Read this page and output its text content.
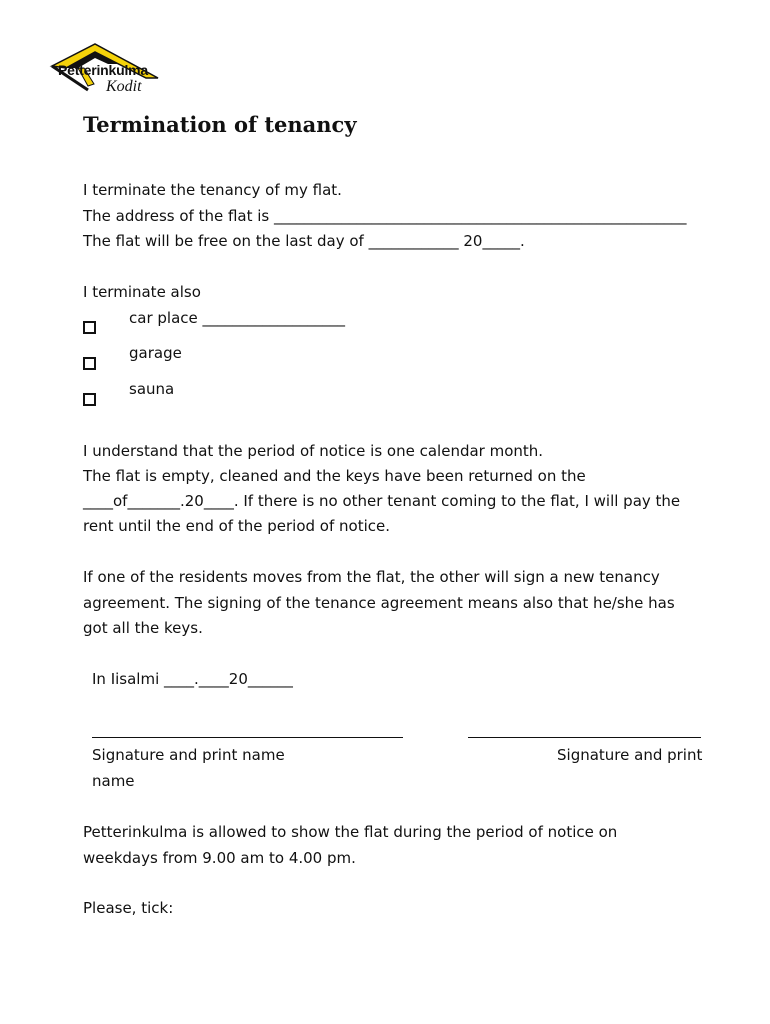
Petterinkulma
Kodit
Termination of tenancy
I terminate the tenancy of my flat.
The address of the flat is _______________________________________________________
The flat will be free on the last day of ____________ 20_____.
I terminate also
car place ___________________
garage
sauna
I understand that the period of notice is one calendar month.
The flat is empty, cleaned and the keys have been returned on the
____of_______.20____. If there is no other tenant coming to the flat, I will pay the
rent until the end of the period of notice.
If one of the residents moves from the flat, the other will sign a new tenancy
agreement. The signing of the tenance agreement means also that he/she has
got all the keys.
In Iisalmi ____.____20______
Signature and print name	Signature and print
name
Petterinkulma is allowed to show the flat during the period of notice on
weekdays from 9.00 am to 4.00 pm.
Please, tick:
